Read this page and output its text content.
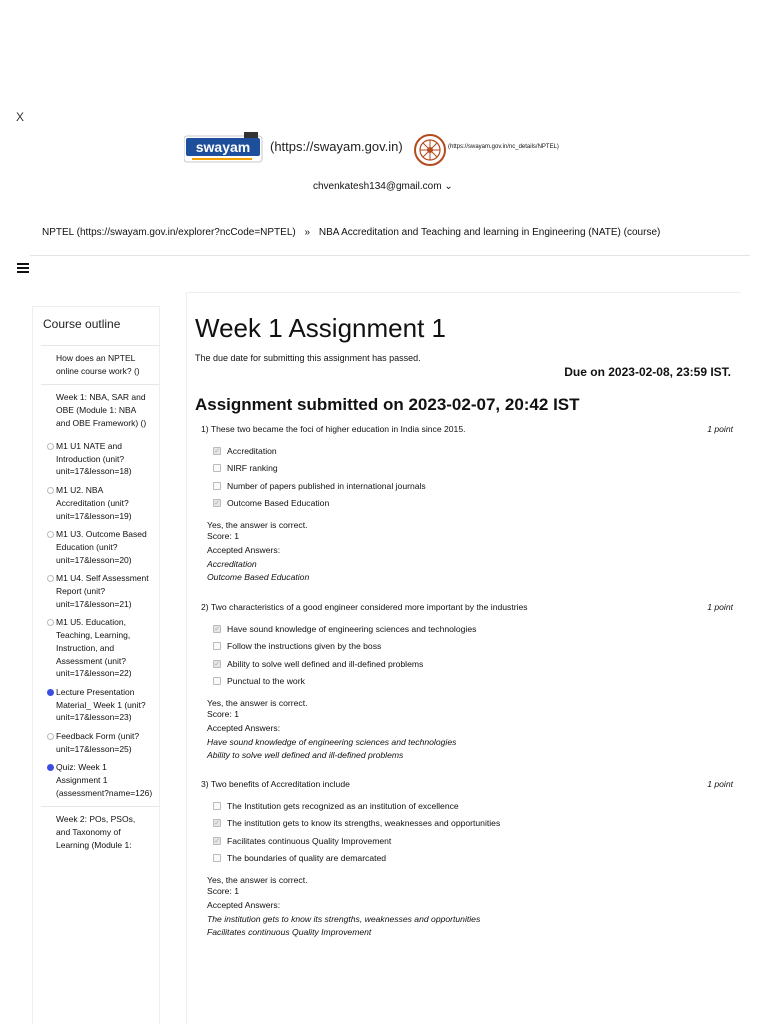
X
swayam (https://swayam.gov.in)	(https://swayam.gov.in/nc_details/NPTEL)
chvenkatesh134@gmail.com ⌄
NPTEL (https://swayam.gov.in/explorer?ncCode=NPTEL) » NBA Accreditation and Teaching and learning in Engineering (NATE) (course)
Course outline
How does an NPTEL online course work? ()
Week 1: NBA, SAR and OBE (Module 1: NBA and OBE Framework) ()
M1 U1 NATE and Introduction (unit?unit=17&lesson=18)
M1 U2. NBA Accreditation (unit?unit=17&lesson=19)
M1 U3. Outcome Based Education (unit?unit=17&lesson=20)
M1 U4. Self Assessment Report (unit?unit=17&lesson=21)
M1 U5. Education, Teaching, Learning, Instruction, and Assessment (unit?unit=17&lesson=22)
Lecture Presentation Material_ Week 1 (unit?unit=17&lesson=23)
Feedback Form (unit?unit=17&lesson=25)
Quiz: Week 1 Assignment 1 (assessment?name=126)
Week 2: POs, PSOs, and Taxonomy of Learning (Module 1:
Week 1 Assignment 1
The due date for submitting this assignment has passed.
Due on 2023-02-08, 23:59 IST.
Assignment submitted on 2023-02-07, 20:42 IST
1) These two became the foci of higher education in India since 2015.	1 point
✓ Accreditation
NIRF ranking
Number of papers published in international journals
✓ Outcome Based Education
Yes, the answer is correct.
Score: 1
Accepted Answers:
Accreditation
Outcome Based Education
2) Two characteristics of a good engineer considered more important by the industries	1 point
✓ Have sound knowledge of engineering sciences and technologies
Follow the instructions given by the boss
✓ Ability to solve well defined and ill-defined problems
Punctual to the work
Yes, the answer is correct.
Score: 1
Accepted Answers:
Have sound knowledge of engineering sciences and technologies
Ability to solve well defined and ill-defined problems
3) Two benefits of Accreditation include	1 point
The Institution gets recognized as an institution of excellence
✓ The institution gets to know its strengths, weaknesses and opportunities
✓ Facilitates continuous Quality Improvement
The boundaries of quality are demarcated
Yes, the answer is correct.
Score: 1
Accepted Answers:
The institution gets to know its strengths, weaknesses and opportunities
Facilitates continuous Quality Improvement
